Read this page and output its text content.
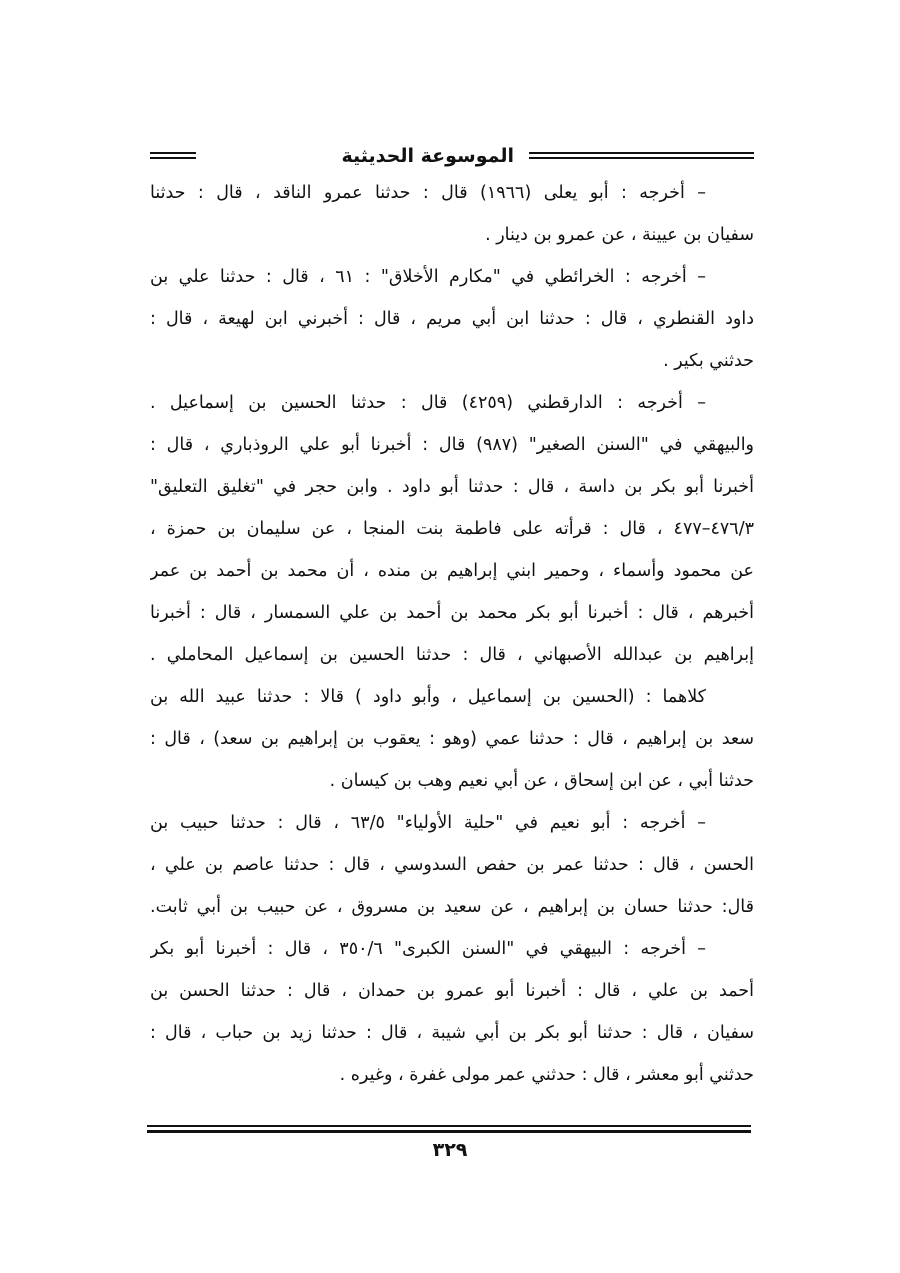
الموسوعة الحديثية
– أخرجه : أبو يعلى (١٩٦٦) قال : حدثنا عمرو الناقد ، قال : حدثنا
سفيان بن عيينة ، عن عمرو بن دينار .
– أخرجه : الخرائطي في "مكارم الأخلاق" : ٦١ ، قال : حدثنا علي بن
داود القنطري ، قال : حدثنا ابن أبي مريم ، قال : أخبرني ابن لهيعة ، قال :
حدثني بكير .
– أخرجه : الدارقطني (٤٢٥٩) قال : حدثنا الحسين بن إسماعيل .
والبيهقي في "السنن الصغير" (٩٨٧) قال : أخبرنا أبو علي الروذباري ، قال :
أخبرنا أبو بكر بن داسة ، قال : حدثنا أبو داود . وابن حجر في "تغليق التعليق"
٤٧٦/٣–٤٧٧ ، قال : قرأته على فاطمة بنت المنجا ، عن سليمان بن حمزة ،
عن محمود وأسماء ، وحمير ابني إبراهيم بن منده ، أن محمد بن أحمد بن عمر
أخبرهم ، قال : أخبرنا أبو بكر محمد بن أحمد بن علي السمسار ، قال : أخبرنا
إبراهيم بن عبدالله الأصبهاني ، قال : حدثنا الحسين بن إسماعيل المحاملي .
كلاهما : (الحسين بن إسماعيل ، وأبو داود ) قالا : حدثنا عبيد الله بن
سعد بن إبراهيم ، قال : حدثنا عمي (وهو : يعقوب بن إبراهيم بن سعد) ، قال :
حدثنا أبي ، عن ابن إسحاق ، عن أبي نعيم وهب بن كيسان .
– أخرجه : أبو نعيم في "حلية الأولياء" ٦٣/٥ ، قال : حدثنا حبيب بن
الحسن ، قال : حدثنا عمر بن حفص السدوسي ، قال : حدثنا عاصم بن علي ،
قال: حدثنا حسان بن إبراهيم ، عن سعيد بن مسروق ، عن حبيب بن أبي ثابت.
– أخرجه : البيهقي في "السنن الكبرى" ٣٥٠/٦ ، قال : أخبرنا أبو بكر
أحمد بن علي ، قال : أخبرنا أبو عمرو بن حمدان ، قال : حدثنا الحسن بن
سفيان ، قال : حدثنا أبو بكر بن أبي شيبة ، قال : حدثنا زيد بن حباب ، قال :
حدثني أبو معشر ، قال : حدثني عمر مولى غفرة ، وغيره .
٣٢٩
